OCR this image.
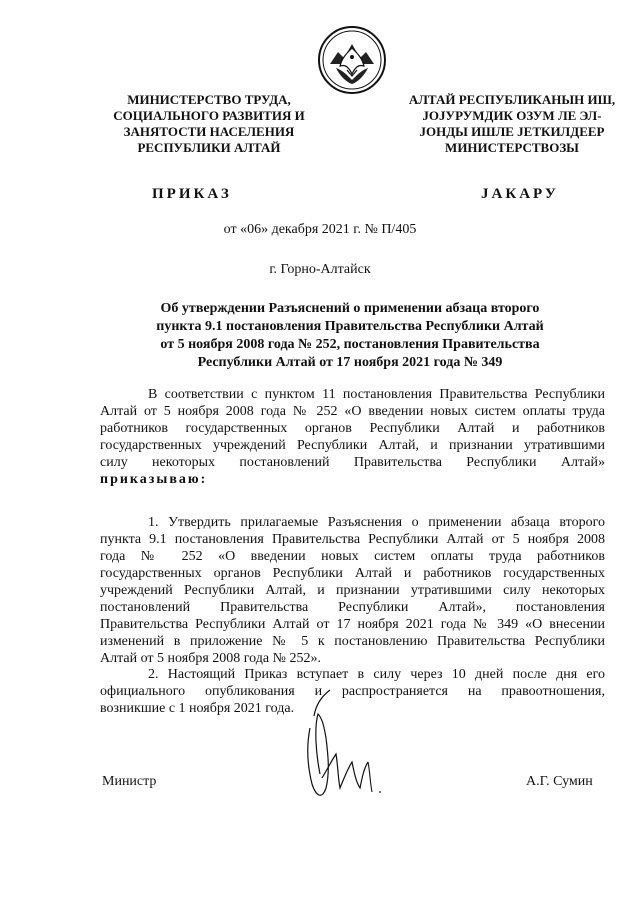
МИНИСТЕРСТВО ТРУДА,
СОЦИАЛЬНОГО РАЗВИТИЯ И
ЗАНЯТОСТИ НАСЕЛЕНИЯ
РЕСПУБЛИКИ АЛТАЙ
АЛТАЙ РЕСПУБЛИКАНЫН ИШ,
ЈОЈУРУМДИК ОЗУМ ЛЕ ЭЛ-
ЈОНДЫ ИШЛЕ ЈЕТКИЛДЕЕР
МИНИСТЕРСТВОЗЫ
ПРИКАЗ	ЈАКАРУ
от «06» декабря 2021 г. № П/405
г. Горно-Алтайск
Об утверждении Разъяснений о применении абзаца второго
пункта 9.1 постановления Правительства Республики Алтай
от 5 ноября 2008 года № 252, постановления Правительства
Республики Алтай от 17 ноября 2021 года № 349
В соответствии с пунктом 11 постановления Правительства Республики
Алтай от 5 ноября 2008 года № 252 «О введении новых систем оплаты труда
работников государственных органов Республики Алтай и работников
государственных учреждений Республики Алтай, и признании утратившими
силу некоторых постановлений Правительства Республики Алтай»
приказываю:
1. Утвердить прилагаемые Разъяснения о применении абзаца второго
пункта 9.1 постановления Правительства Республики Алтай от 5 ноября 2008
года № 252 «О введении новых систем оплаты труда работников
государственных органов Республики Алтай и работников государственных
учреждений Республики Алтай, и признании утратившими силу некоторых
постановлений Правительства Республики Алтай», постановления
Правительства Республики Алтай от 17 ноября 2021 года № 349 «О внесении
изменений в приложение № 5 к постановлению Правительства Республики
Алтай от 5 ноября 2008 года № 252».
2. Настоящий Приказ вступает в силу через 10 дней после дня его
официального опубликования и распространяется на правоотношения,
возникшие с 1 ноября 2021 года.
Министр	А.Г. Сумин
